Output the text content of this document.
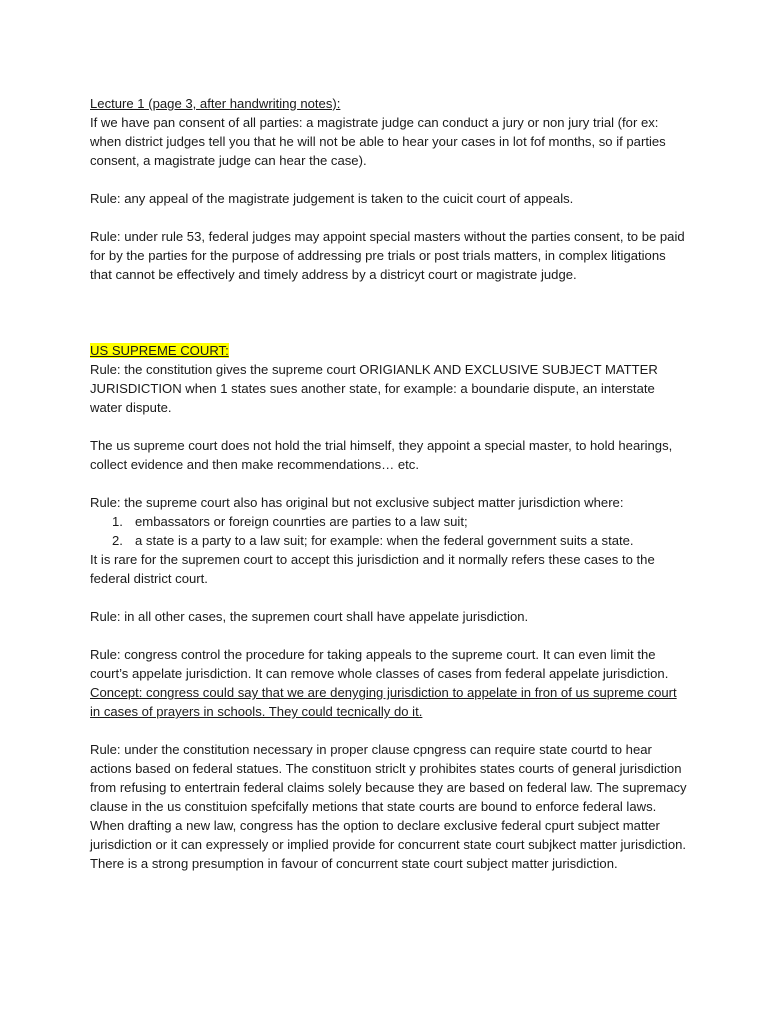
Lecture 1 (page 3, after handwriting notes):

If we have pan consent of all parties: a magistrate judge can conduct a jury or non jury trial (for ex: when district judges tell you that he will not be able to hear your cases in lot fof months, so if parties consent, a magistrate judge can hear the case).

Rule: any appeal of the magistrate judgement is taken to the cuicit court of appeals.

Rule: under rule 53, federal judges may appoint special masters without the parties consent, to be paid for by the parties for the purpose of addressing pre trials or post trials matters, in complex litigations that cannot be effectively and timely address by a districyt court or magistrate judge.

US SUPREME COURT:

Rule: the constitution gives the supreme court ORIGIANLK AND EXCLUSIVE SUBJECT MATTER JURISDICTION when 1 states sues another state, for example: a boundarie dispute, an interstate water dispute.

The us supreme court does not hold the trial himself, they appoint a special master, to hold hearings, collect evidence and then make recommendations… etc.

Rule: the supreme court also has original but not exclusive subject matter jurisdiction where:

1. embassators or foreign counrties are parties to a law suit;
2. a state is a party to a law suit; for example: when the federal government suits a state.

It is rare for the supremen court to accept this jurisdiction and it normally refers these cases to the federal district court.

Rule: in all other cases, the supremen court shall have appelate jurisdiction.

Rule: congress control the procedure for taking appeals to the supreme court. It can even limit the court’s appelate jurisdiction. It can remove whole classes of cases from federal appelate jurisdiction.

Concept: congress could say that we are denyging jurisdiction to appelate in fron of us supreme court in cases of prayers in schools. They could tecnically do it.

Rule: under the constitution necessary in proper clause cpngress can require state courtd to hear actions based on federal statues. The constituon striclt y prohibites states courts of general jurisdiction from refusing to entertrain federal claims solely because they are based on federal law. The supremacy clause in the us constituion spefcifally metions that state courts are bound to enforce federal laws. When drafting a new law, congress has the option to declare exclusive federal cpurt subject matter jurisdiction or it can expressely or implied provide for concurrent state court subjkect matter jurisdiction. There is a strong presumption in favour of concurrent state court subject matter jurisdiction.
